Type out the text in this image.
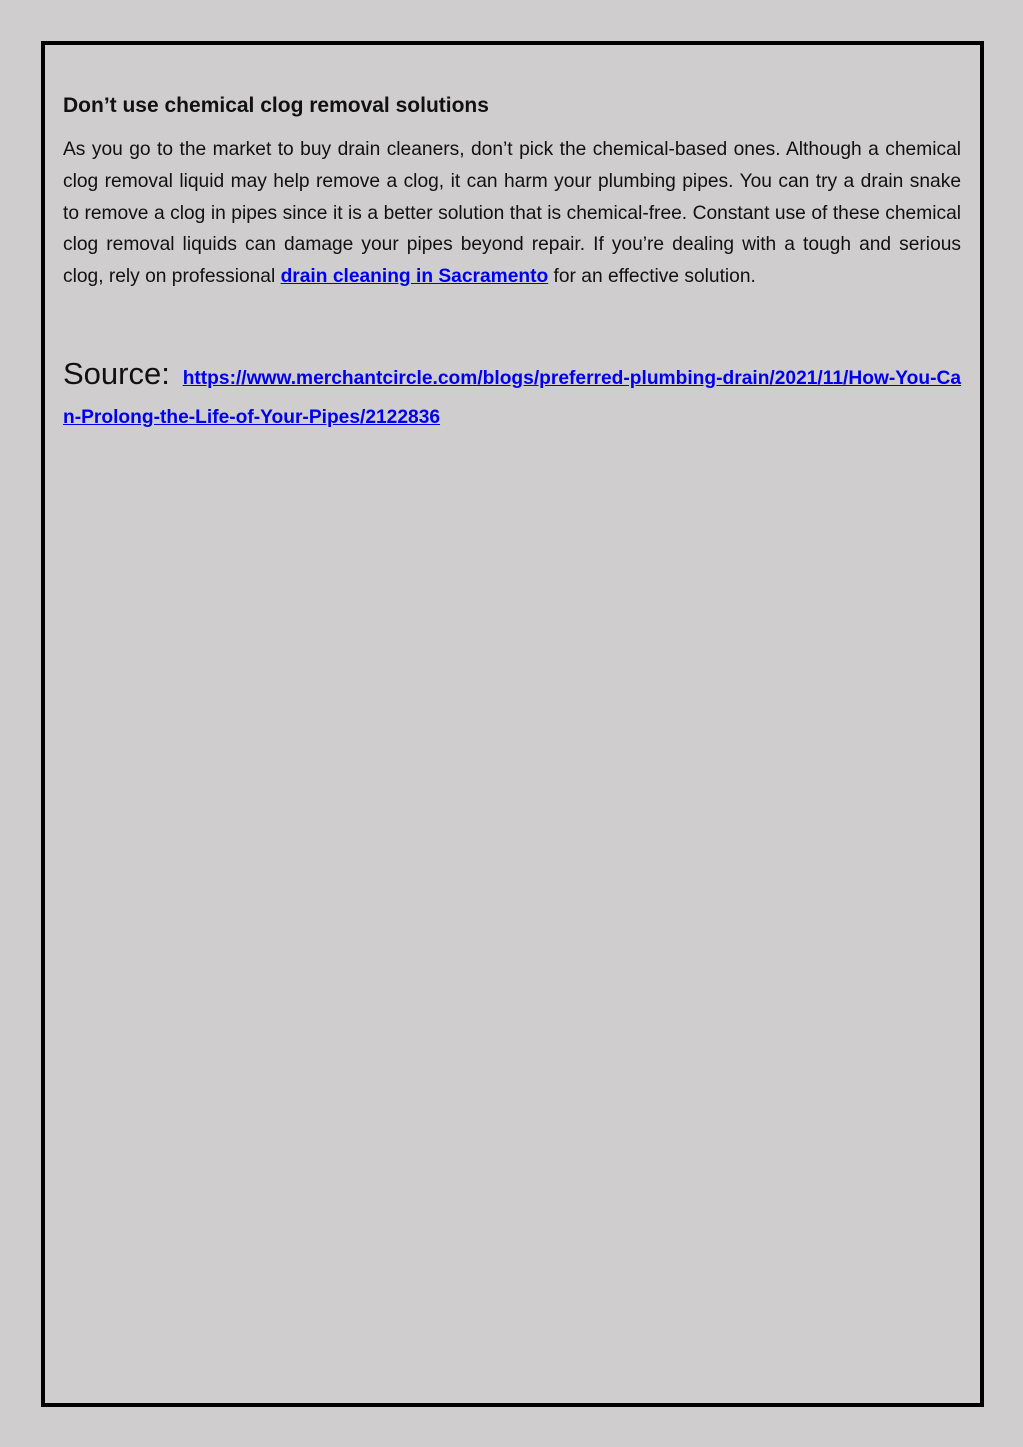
Don’t use chemical clog removal solutions

As you go to the market to buy drain cleaners, don’t pick the chemical-based ones. Although a chemical clog removal liquid may help remove a clog, it can harm your plumbing pipes. You can try a drain snake to remove a clog in pipes since it is a better solution that is chemical-free. Constant use of these chemical clog removal liquids can damage your pipes beyond repair. If you’re dealing with a tough and serious clog, rely on professional drain cleaning in Sacramento for an effective solution.

Source: https://www.merchantcircle.com/blogs/preferred-plumbing-drain/2021/11/How-You-Can-Prolong-the-Life-of-Your-Pipes/2122836
